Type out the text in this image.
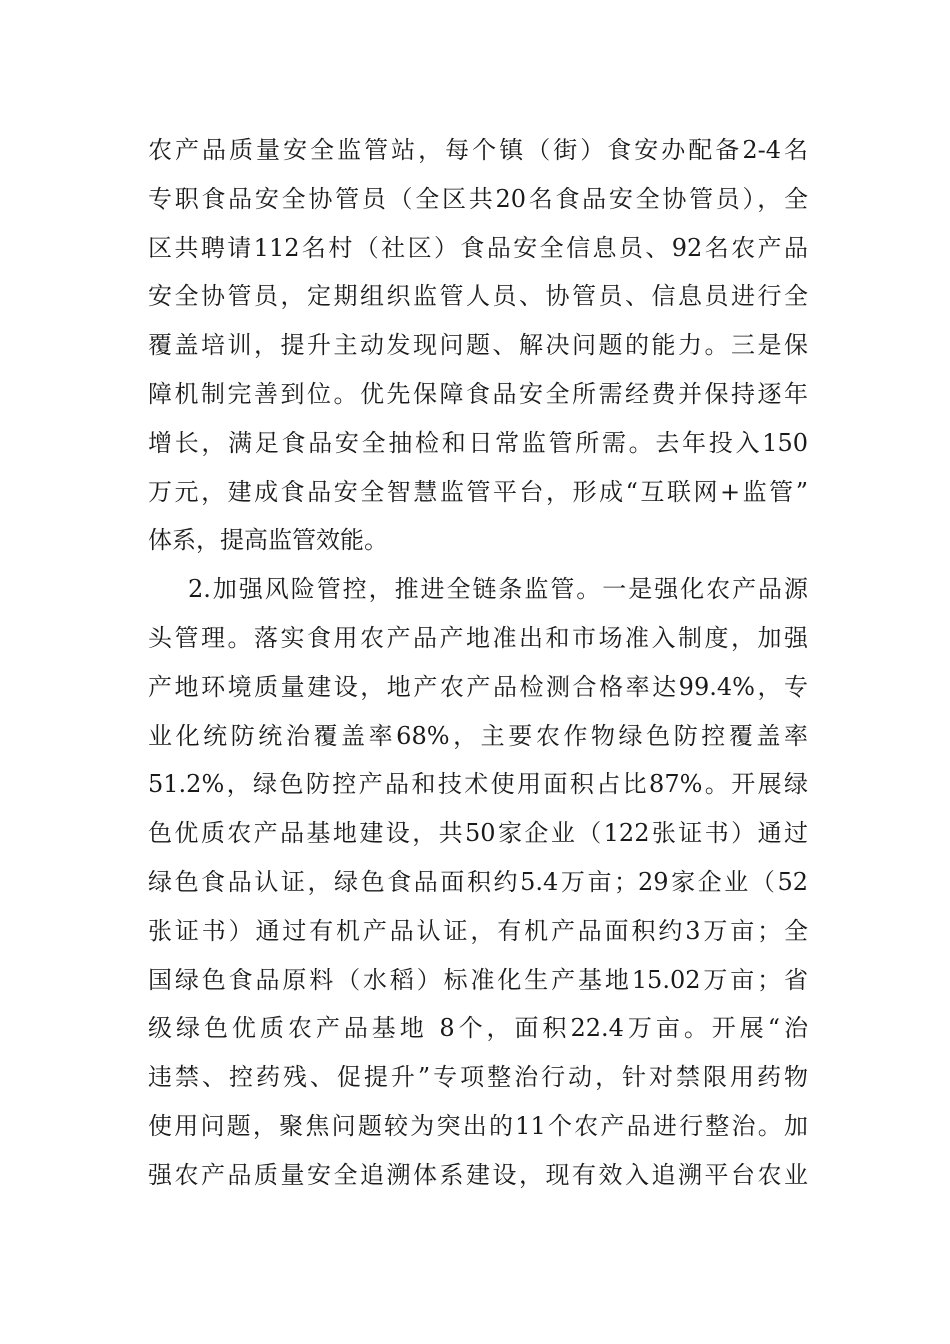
农产品质量安全监管站，每个镇（街）食安办配备2-4名
专职食品安全协管员（全区共20名食品安全协管员），全
区共聘请112名村（社区）食品安全信息员、92名农产品
安全协管员，定期组织监管人员、协管员、信息员进行全
覆盖培训，提升主动发现问题、解决问题的能力。三是保
障机制完善到位。优先保障食品安全所需经费并保持逐年
增长，满足食品安全抽检和日常监管所需。去年投入150
万元，建成食品安全智慧监管平台，形成“互联网+监管”
体系，提高监管效能。
2.加强风险管控，推进全链条监管。一是强化农产品源
头管理。落实食用农产品产地准出和市场准入制度，加强
产地环境质量建设，地产农产品检测合格率达99.4%，专
业化统防统治覆盖率68%，主要农作物绿色防控覆盖率
51.2%，绿色防控产品和技术使用面积占比87%。开展绿
色优质农产品基地建设，共50家企业（122张证书）通过
绿色食品认证，绿色食品面积约5.4万亩；29家企业（52
张证书）通过有机产品认证，有机产品面积约3万亩；全
国绿色食品原料（水稻）标准化生产基地15.02万亩；省
级绿色优质农产品基地 8个，面积22.4万亩。开展“治
违禁、控药残、促提升”专项整治行动，针对禁限用药物
使用问题，聚焦问题较为突出的11个农产品进行整治。加
强农产品质量安全追溯体系建设，现有效入追溯平台农业
